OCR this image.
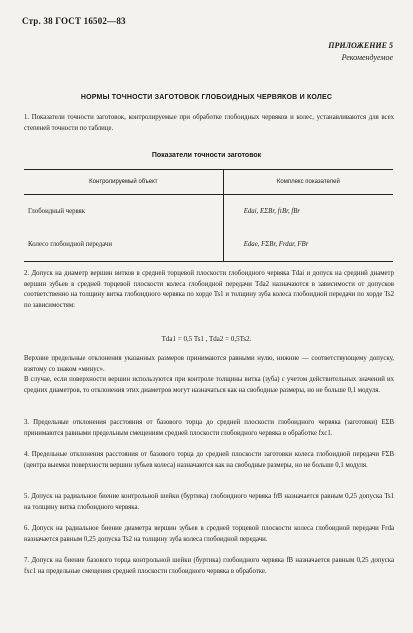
Стр. 38 ГОСТ 16502—83
ПРИЛОЖЕНИЕ 5
Рекомендуемое
НОРМЫ ТОЧНОСТИ ЗАГОТОВОК ГЛОБОИДНЫХ ЧЕРВЯКОВ И КОЛЕС
1. Показатели точности заготовок, контролируемые при обработке глобоидных червяков и колес, устанавливаются для всех степеней точности по таблице.
Показатели точности заготовок
Контролируемый объект	Комплекс показателей
Глобоидный червяк	Edai, EΣBr, fτBr, fBr
Колесо глобоидной передачи	Edae, FΣBr, Frdar, FBr
2. Допуск на диаметр вершин витков в средней торцевой плоскости глобоидного червяка Tdai и допуск на средний диаметр вершин зубьев в средней торцевой плоскости колеса глобоидной передачи Tda2 назначаются в зависимости от допусков соответственно на толщину витка глобоидного червяка по хорде Ts1 и толщину зуба колеса глобоидной передачи по хорде Ts2 по зависимостям:
Tda1 = 0,5 Ts1 , Tda2 = 0,5Ts2.
Верхние предельные отклонения указанных размеров принимаются равными нулю, нижние — соответствующему допуску, взятому со знаком «минус».
В случае, если поверхности вершин используются при контроле толщины витка (зуба) с учетом действительных значений их средних диаметров, то отклонения этих диаметров могут назначаться как на свободные размеры, но не больше 0,1 модуля.
3. Предельные отклонения расстояния от базового торца до средней плоскости глобоидного червяка (заготовки) EΣB принимаются равными предельным смещениям средней плоскости глобоидного червяка в обработке fxc1.
4. Предельные отклонения расстояния от базового торца до средней плоскости заготовки колеса глобоидной передачи FΣB (центра выемки поверхности вершин зубьев колеса) назначаются как на свободные размеры, но не больше 0,1 модуля.
5. Допуск на радиальное биение контрольной шейки (буртика) глобоидного червяка frB назначается равным 0,25 допуска Ts1 на толщину витка глобоидного червяка.
6. Допуск на радиальное биение диаметра вершин зубьев в средней торцевой плоскости колеса глобоидной передачи Frda назначается равным 0,25 допуска Ts2 на толщину зуба колеса глобоидной передачи.
7. Допуск на биение базового торца контрольной шейки (буртика) глобоидного червяка fB назначается равным 0,25 допуска fxc1 на предельные смещения средней плоскости глобоидного червяка в обработке.
